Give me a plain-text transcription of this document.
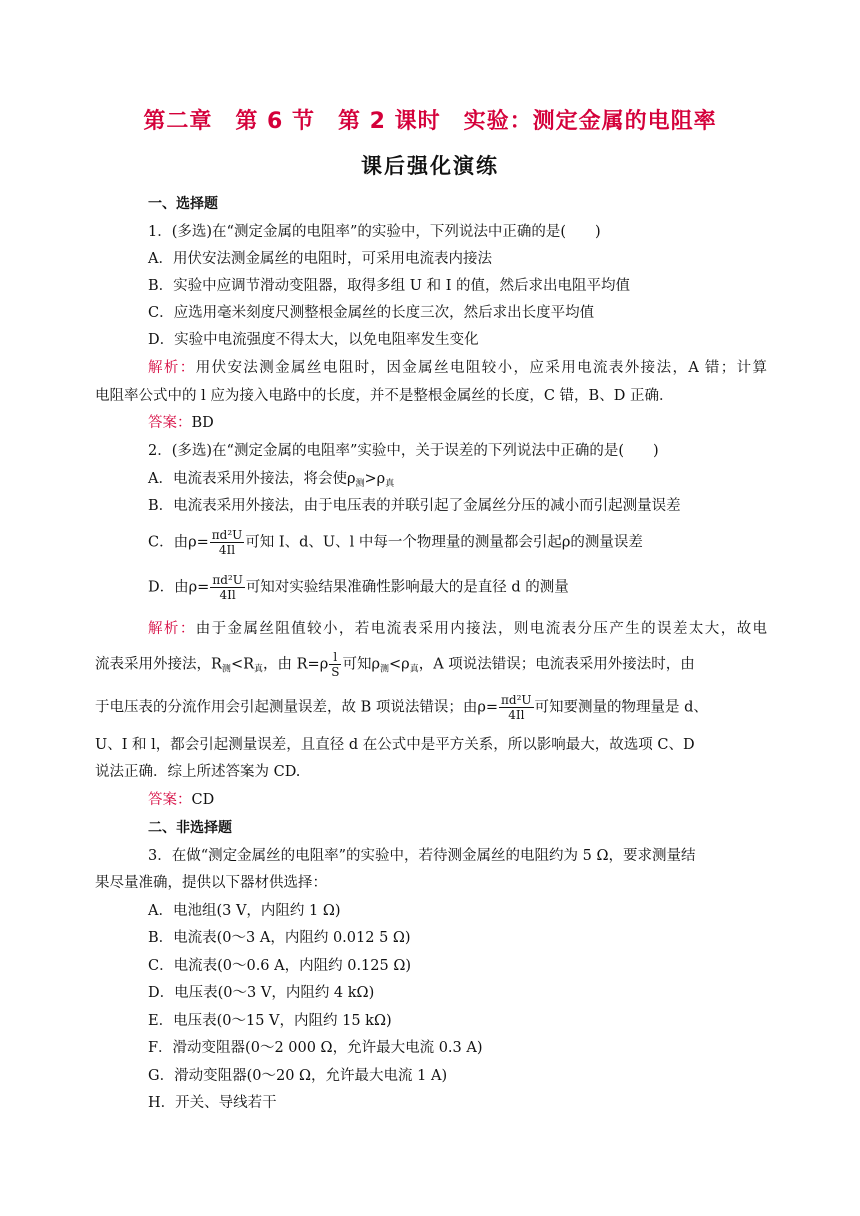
第二章　第 6 节　第 2 课时　实验：测定金属的电阻率
课后强化演练
一、选择题
1．(多选)在“测定金属的电阻率”的实验中，下列说法中正确的是(　　)
A．用伏安法测金属丝的电阻时，可采用电流表内接法
B．实验中应调节滑动变阻器，取得多组 U 和 I 的值，然后求出电阻平均值
C．应选用毫米刻度尺测整根金属丝的长度三次，然后求出长度平均值
D．实验中电流强度不得太大，以免电阻率发生变化
解析：用伏安法测金属丝电阻时，因金属丝电阻较小，应采用电流表外接法，A 错；计算
电阻率公式中的 l 应为接入电路中的长度，并不是整根金属丝的长度，C 错，B、D 正确．
答案：BD
2．(多选)在“测定金属的电阻率”实验中，关于误差的下列说法中正确的是(　　)
A．电流表采用外接法，将会使$\rho_测>\rho_真$
B．电流表采用外接法，由于电压表的并联引起了金属丝分压的减小而引起测量误差
C．由$\rho= \frac{\text{πd²U}}{4Il}$ 可知 I、d、U、l 中每一个物理量的测量都会引起ρ的测量误差
D．由$\rho= \frac{\text{πd²U}}{4Il}$ 可知对实验结果准确性影响最大的是直径 d 的测量
解析：由于金属丝阻值较小，若电流表采用内接法，则电流表分压产生的误差太大，故电
流表采用外接法，$R_测<R_真$，由 $R=\rho \frac{l}{S}$ 可知$\rho_测<\rho_真$，A 项说法错误；电流表采用外接法时，由
于电压表的分流作用会引起测量误差，故 B 项说法错误；由$\rho= \frac{\text{πd²U}}{4Il}$ 可知要测量的物理量是 d、
U、I 和 l，都会引起测量误差，且直径 d 在公式中是平方关系，所以影响最大，故选项 C、D
说法正确．综上所述答案为 CD.
答案：CD
二、非选择题
3．在做“测定金属丝的电阻率”的实验中，若待测金属丝的电阻约为 5 Ω，要求测量结
果尽量准确，提供以下器材供选择：
A．电池组(3 V，内阻约 1 Ω)
B．电流表(0～3 A，内阻约 0.012 5 Ω)
C．电流表(0～0.6 A，内阻约 0.125 Ω)
D．电压表(0～3 V，内阻约 4 kΩ)
E．电压表(0～15 V，内阻约 15 kΩ)
F．滑动变阻器(0～2 000 Ω，允许最大电流 0.3 A)
G．滑动变阻器(0～20 Ω，允许最大电流 1 A)
H．开关、导线若干
